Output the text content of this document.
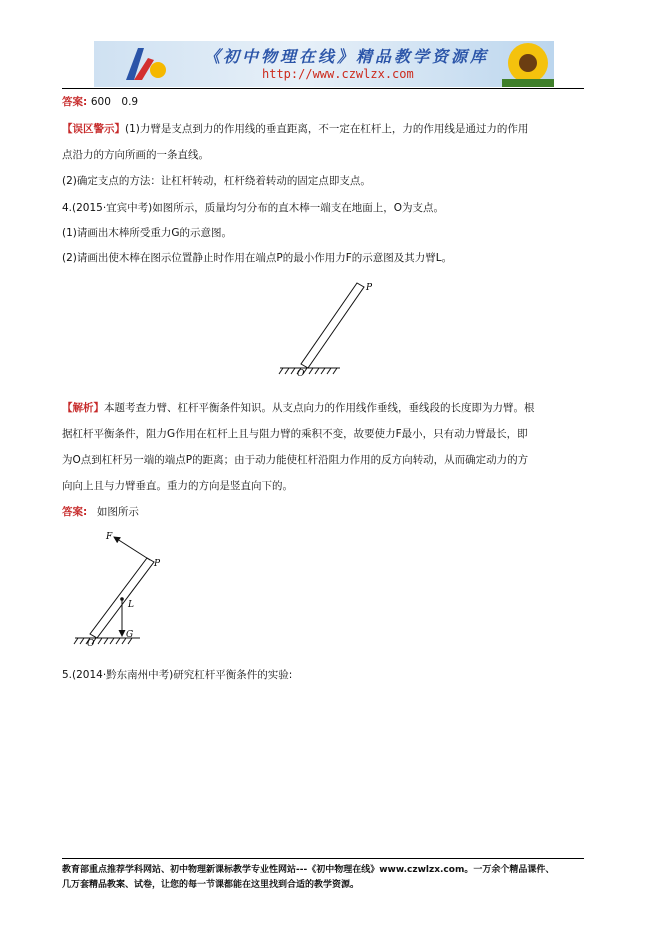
《初中物理在线》精品教学资源库
http://www.czwlzx.com
答案: 600　0.9
【误区警示】(1)力臂是支点到力的作用线的垂直距离，不一定在杠杆上，力的作用线是通过力的作用
点沿力的方向所画的一条直线。
(2)确定支点的方法：让杠杆转动，杠杆绕着转动的固定点即支点。
4.(2015·宜宾中考)如图所示，质量均匀分布的直木棒一端支在地面上，O为支点。
(1)请画出木棒所受重力G的示意图。
(2)请画出使木棒在图示位置静止时作用在端点P的最小作用力F的示意图及其力臂L。
P
O
【解析】本题考查力臂、杠杆平衡条件知识。从支点向力的作用线作垂线，垂线段的长度即为力臂。根
据杠杆平衡条件，阻力G作用在杠杆上且与阻力臂的乘积不变，故要使力F最小，只有动力臂最长，即
为O点到杠杆另一端的端点P的距离；由于动力能使杠杆沿阻力作用的反方向转动，从而确定动力的方
向向上且与力臂垂直。重力的方向是竖直向下的。
答案: 如图所示
F
P
L
G
O
5.(2014·黔东南州中考)研究杠杆平衡条件的实验:
教育部重点推荐学科网站、初中物理新课标教学专业性网站---《初中物理在线》www.czwlzx.com。一万余个精品课件、
几万套精品教案、试卷，让您的每一节课都能在这里找到合适的教学资源。
